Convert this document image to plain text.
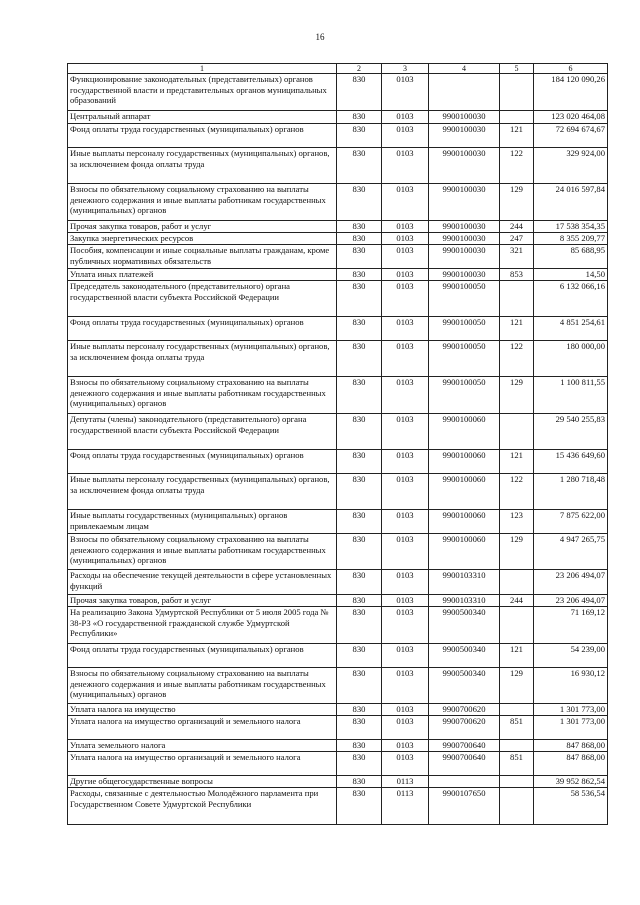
16
1	2	3	4	5	6
Функционирование законодательных (представительных) органов государственной власти и представительных органов муниципальных образований	830	0103			184 120 090,26
Центральный аппарат	830	0103	9900100030		123 020 464,08
Фонд оплаты труда государственных (муниципальных) органов	830	0103	9900100030	121	72 694 674,67
Иные выплаты персоналу государственных (муниципальных) органов, за исключением фонда оплаты труда	830	0103	9900100030	122	329 924,00
Взносы по обязательному социальному страхованию на выплаты денежного содержания и иные выплаты работникам государственных (муниципальных) органов	830	0103	9900100030	129	24 016 597,84
Прочая закупка товаров, работ и услуг	830	0103	9900100030	244	17 538 354,35
Закупка энергетических ресурсов	830	0103	9900100030	247	8 355 209,77
Пособия, компенсации и иные социальные выплаты гражданам, кроме публичных нормативных обязательств	830	0103	9900100030	321	85 688,95
Уплата иных платежей	830	0103	9900100030	853	14,50
Председатель законодательного (представительного) органа государственной власти субъекта Российской Федерации	830	0103	9900100050		6 132 066,16
Фонд оплаты труда государственных (муниципальных) органов	830	0103	9900100050	121	4 851 254,61
Иные выплаты персоналу государственных (муниципальных) органов, за исключением фонда оплаты труда	830	0103	9900100050	122	180 000,00
Взносы по обязательному социальному страхованию на выплаты денежного содержания и иные выплаты работникам государственных (муниципальных) органов	830	0103	9900100050	129	1 100 811,55
Депутаты (члены) законодательного (представительного) органа государственной власти субъекта Российской Федерации	830	0103	9900100060		29 540 255,83
Фонд оплаты труда государственных (муниципальных) органов	830	0103	9900100060	121	15 436 649,60
Иные выплаты персоналу государственных (муниципальных) органов, за исключением фонда оплаты труда	830	0103	9900100060	122	1 280 718,48
Иные выплаты государственных (муниципальных) органов привлекаемым лицам	830	0103	9900100060	123	7 875 622,00
Взносы по обязательному социальному страхованию на выплаты денежного содержания и иные выплаты работникам государственных (муниципальных) органов	830	0103	9900100060	129	4 947 265,75
Расходы на обеспечение текущей деятельности в сфере установленных функций	830	0103	9900103310		23 206 494,07
Прочая закупка товаров, работ и услуг	830	0103	9900103310	244	23 206 494,07
На реализацию Закона Удмуртской Республики от 5 июля 2005 года № 38-РЗ «О государственной гражданской службе Удмуртской Республики»	830	0103	9900500340		71 169,12
Фонд оплаты труда государственных (муниципальных) органов	830	0103	9900500340	121	54 239,00
Взносы по обязательному социальному страхованию на выплаты денежного содержания и иные выплаты работникам государственных (муниципальных) органов	830	0103	9900500340	129	16 930,12
Уплата налога на имущество	830	0103	9900700620		1 301 773,00
Уплата налога на имущество организаций и земельного налога	830	0103	9900700620	851	1 301 773,00
Уплата земельного налога	830	0103	9900700640		847 868,00
Уплата налога на имущество организаций и земельного налога	830	0103	9900700640	851	847 868,00
Другие общегосударственные вопросы	830	0113			39 952 862,54
Расходы, связанные с деятельностью Молодёжного парламента при Государственном Совете Удмуртской Республики	830	0113	9900107650		58 536,54
